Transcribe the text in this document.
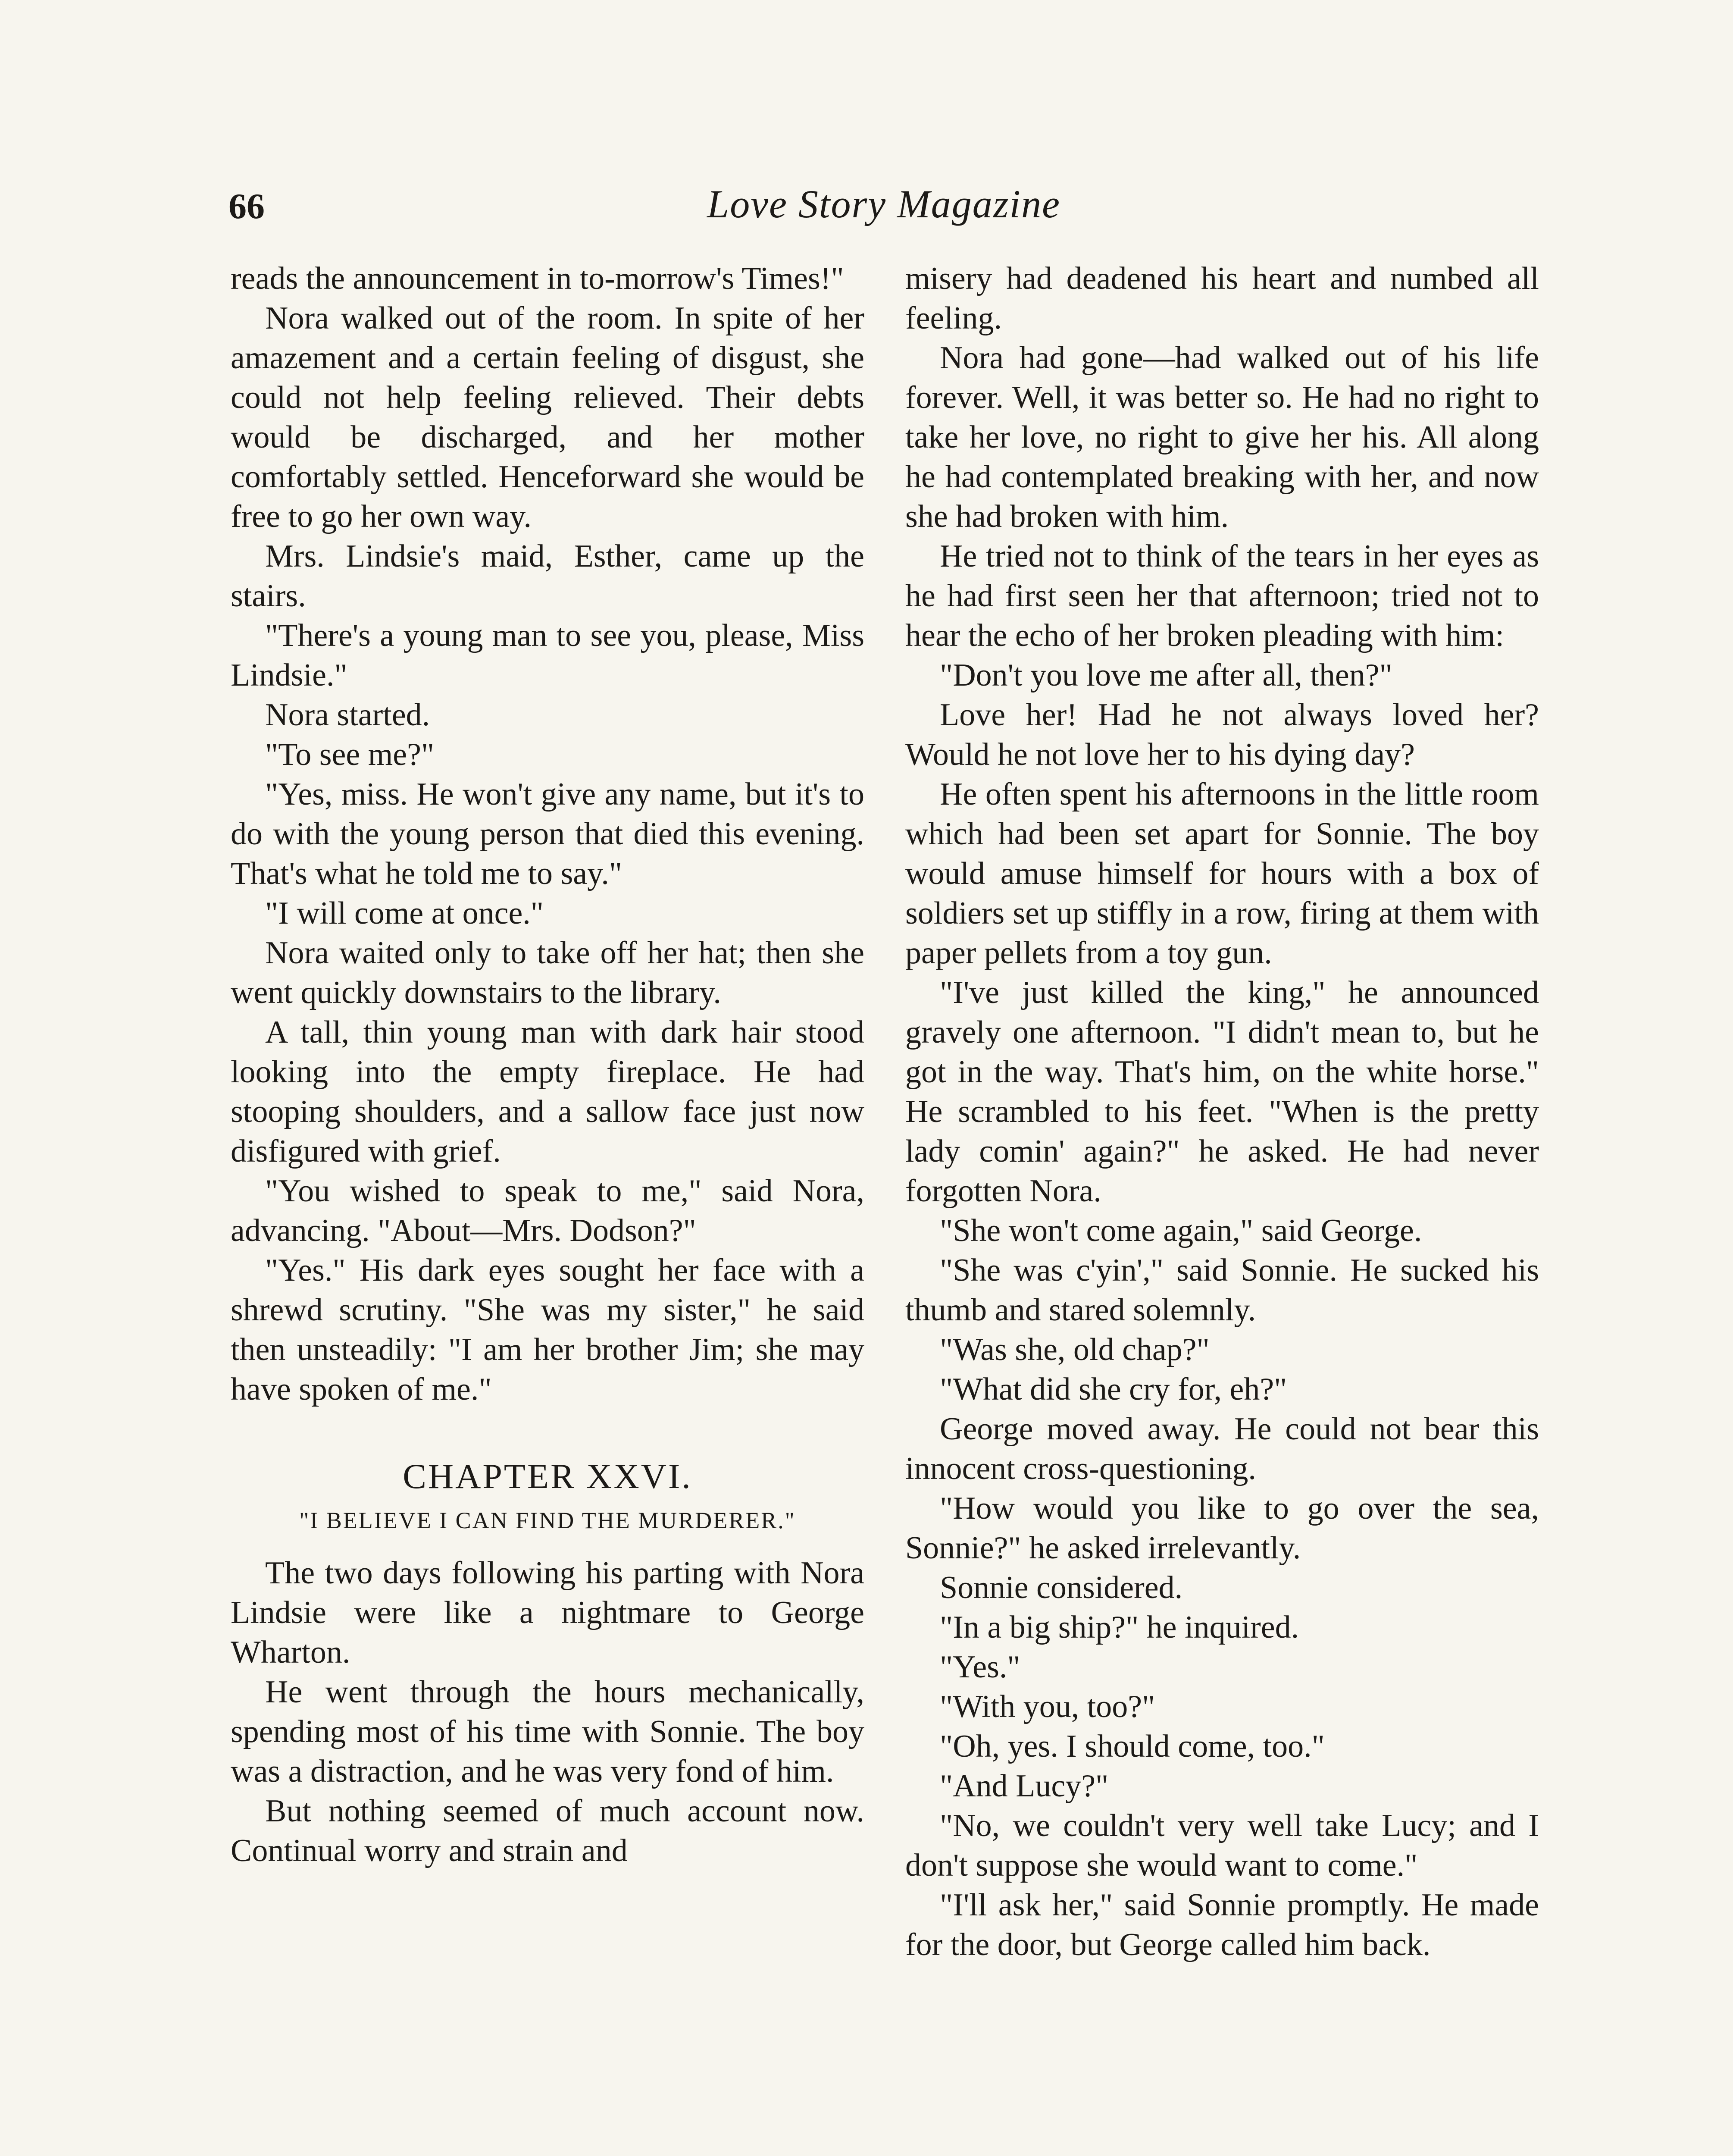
66	Love Story Magazine

reads the announcement in to-morrow's Times!"

Nora walked out of the room. In spite of her amazement and a certain feeling of disgust, she could not help feeling relieved. Their debts would be discharged, and her mother comfortably settled. Henceforward she would be free to go her own way.

Mrs. Lindsie's maid, Esther, came up the stairs.

"There's a young man to see you, please, Miss Lindsie."

Nora started.

"To see me?"

"Yes, miss. He won't give any name, but it's to do with the young person that died this evening. That's what he told me to say."

"I will come at once."

Nora waited only to take off her hat; then she went quickly downstairs to the library.

A tall, thin young man with dark hair stood looking into the empty fireplace. He had stooping shoulders, and a sallow face just now disfigured with grief.

"You wished to speak to me," said Nora, advancing. "About—Mrs. Dodson?"

"Yes." His dark eyes sought her face with a shrewd scrutiny. "She was my sister," he said then unsteadily: "I am her brother Jim; she may have spoken of me."

CHAPTER XXVI.
"I BELIEVE I CAN FIND THE MURDERER."

The two days following his parting with Nora Lindsie were like a nightmare to George Wharton.

He went through the hours mechanically, spending most of his time with Sonnie. The boy was a distraction, and he was very fond of him.

But nothing seemed of much account now. Continual worry and strain and

misery had deadened his heart and numbed all feeling.

Nora had gone—had walked out of his life forever. Well, it was better so. He had no right to take her love, no right to give her his. All along he had contemplated breaking with her, and now she had broken with him.

He tried not to think of the tears in her eyes as he had first seen her that afternoon; tried not to hear the echo of her broken pleading with him:

"Don't you love me after all, then?"

Love her! Had he not always loved her? Would he not love her to his dying day?

He often spent his afternoons in the little room which had been set apart for Sonnie. The boy would amuse himself for hours with a box of soldiers set up stiffly in a row, firing at them with paper pellets from a toy gun.

"I've just killed the king," he announced gravely one afternoon. "I didn't mean to, but he got in the way. That's him, on the white horse." He scrambled to his feet. "When is the pretty lady comin' again?" he asked. He had never forgotten Nora.

"She won't come again," said George.

"She was c'yin'," said Sonnie. He sucked his thumb and stared solemnly.

"Was she, old chap?"

"What did she cry for, eh?"

George moved away. He could not bear this innocent cross-questioning.

"How would you like to go over the sea, Sonnie?" he asked irrelevantly.

Sonnie considered.

"In a big ship?" he inquired.

"Yes."

"With you, too?"

"Oh, yes. I should come, too."

"And Lucy?"

"No, we couldn't very well take Lucy; and I don't suppose she would want to come."

"I'll ask her," said Sonnie promptly. He made for the door, but George called him back.
